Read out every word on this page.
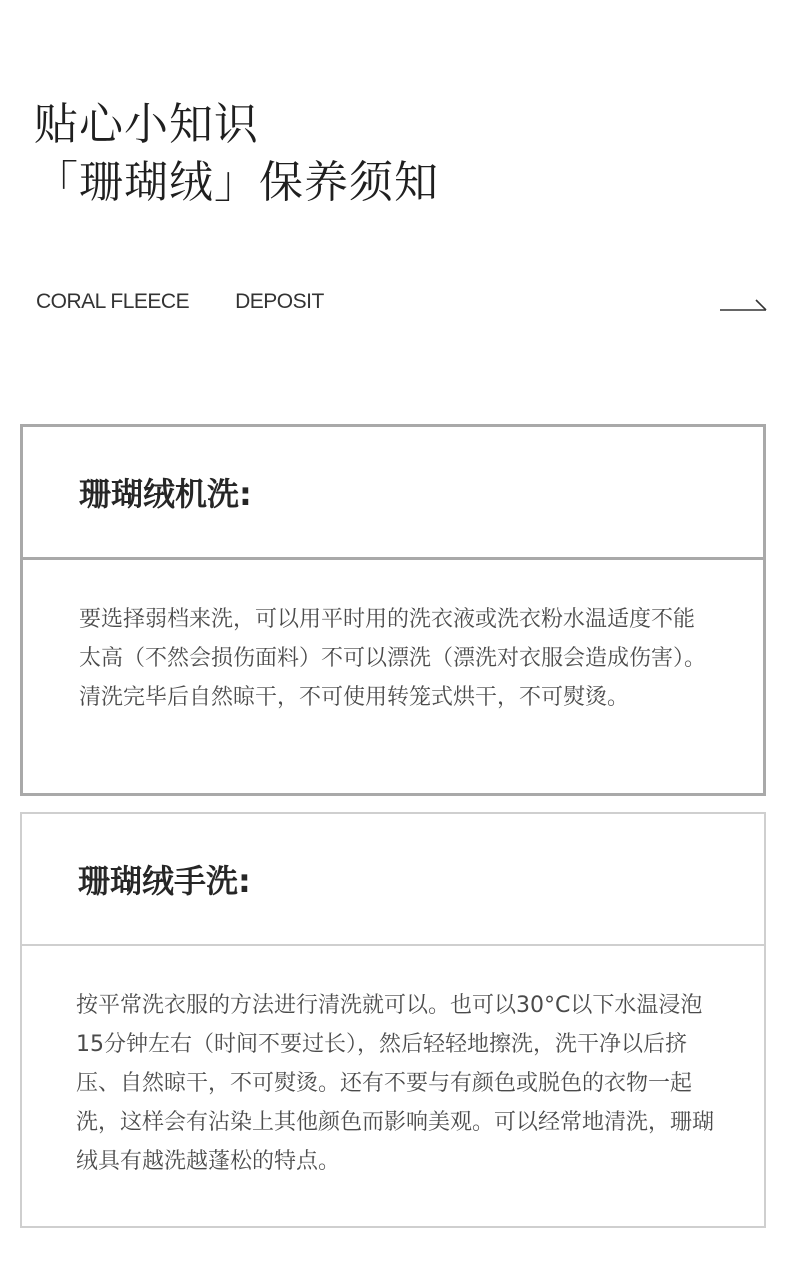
贴心小知识
「珊瑚绒」保养须知
CORAL FLEECE DEPOSIT
珊瑚绒机洗:

要选择弱档来洗，可以用平时用的洗衣液或洗衣粉水温适度不能太高（不然会损伤面料）不可以漂洗（漂洗对衣服会造成伤害）。清洗完毕后自然晾干，不可使用转笼式烘干，不可熨烫。

珊瑚绒手洗:

按平常洗衣服的方法进行清洗就可以。也可以30°C以下水温浸泡15分钟左右（时间不要过长），然后轻轻地擦洗，洗干净以后挤压、自然晾干，不可熨烫。还有不要与有颜色或脱色的衣物一起洗，这样会有沾染上其他颜色而影响美观。可以经常地清洗，珊瑚绒具有越洗越蓬松的特点。
